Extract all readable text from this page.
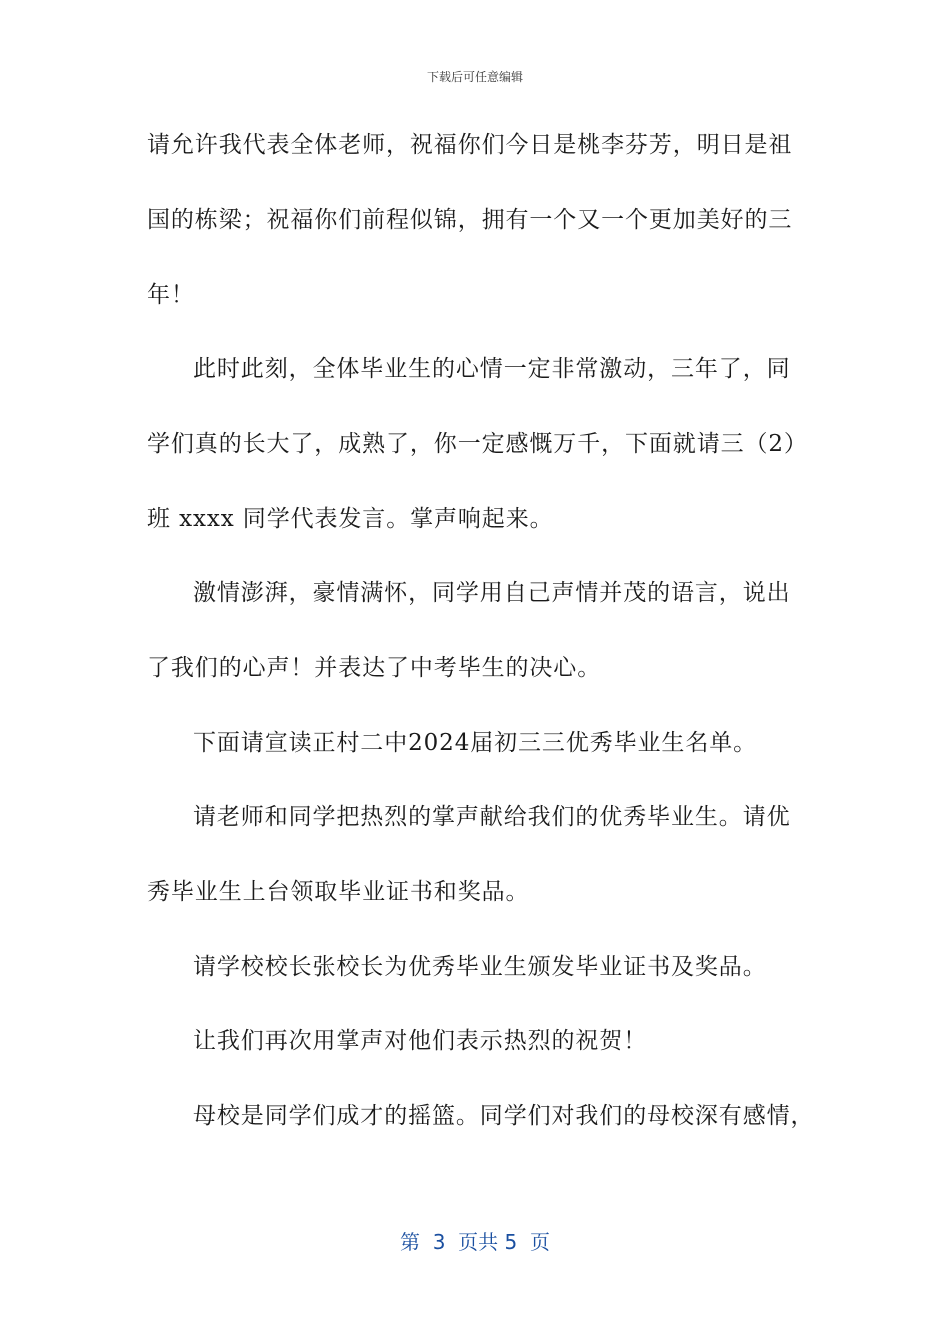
下载后可任意编辑
请允许我代表全体老师，祝福你们今日是桃李芬芳，明日是祖
国的栋梁；祝福你们前程似锦，拥有一个又一个更加美好的三
年！
此时此刻，全体毕业生的心情一定非常激动，三年了，同
学们真的长大了，成熟了，你一定感慨万千，下面就请三（2）
班 xxxx 同学代表发言。掌声响起来。
激情澎湃，豪情满怀，同学用自己声情并茂的语言，说出
了我们的心声！并表达了中考毕生的决心。
下面请宣读正村二中2024届初三三优秀毕业生名单。
请老师和同学把热烈的掌声献给我们的优秀毕业生。请优
秀毕业生上台领取毕业证书和奖品。
请学校校长张校长为优秀毕业生颁发毕业证书及奖品。
让我们再次用掌声对他们表示热烈的祝贺！
母校是同学们成才的摇篮。同学们对我们的母校深有感情，
第  3  页共 5  页
